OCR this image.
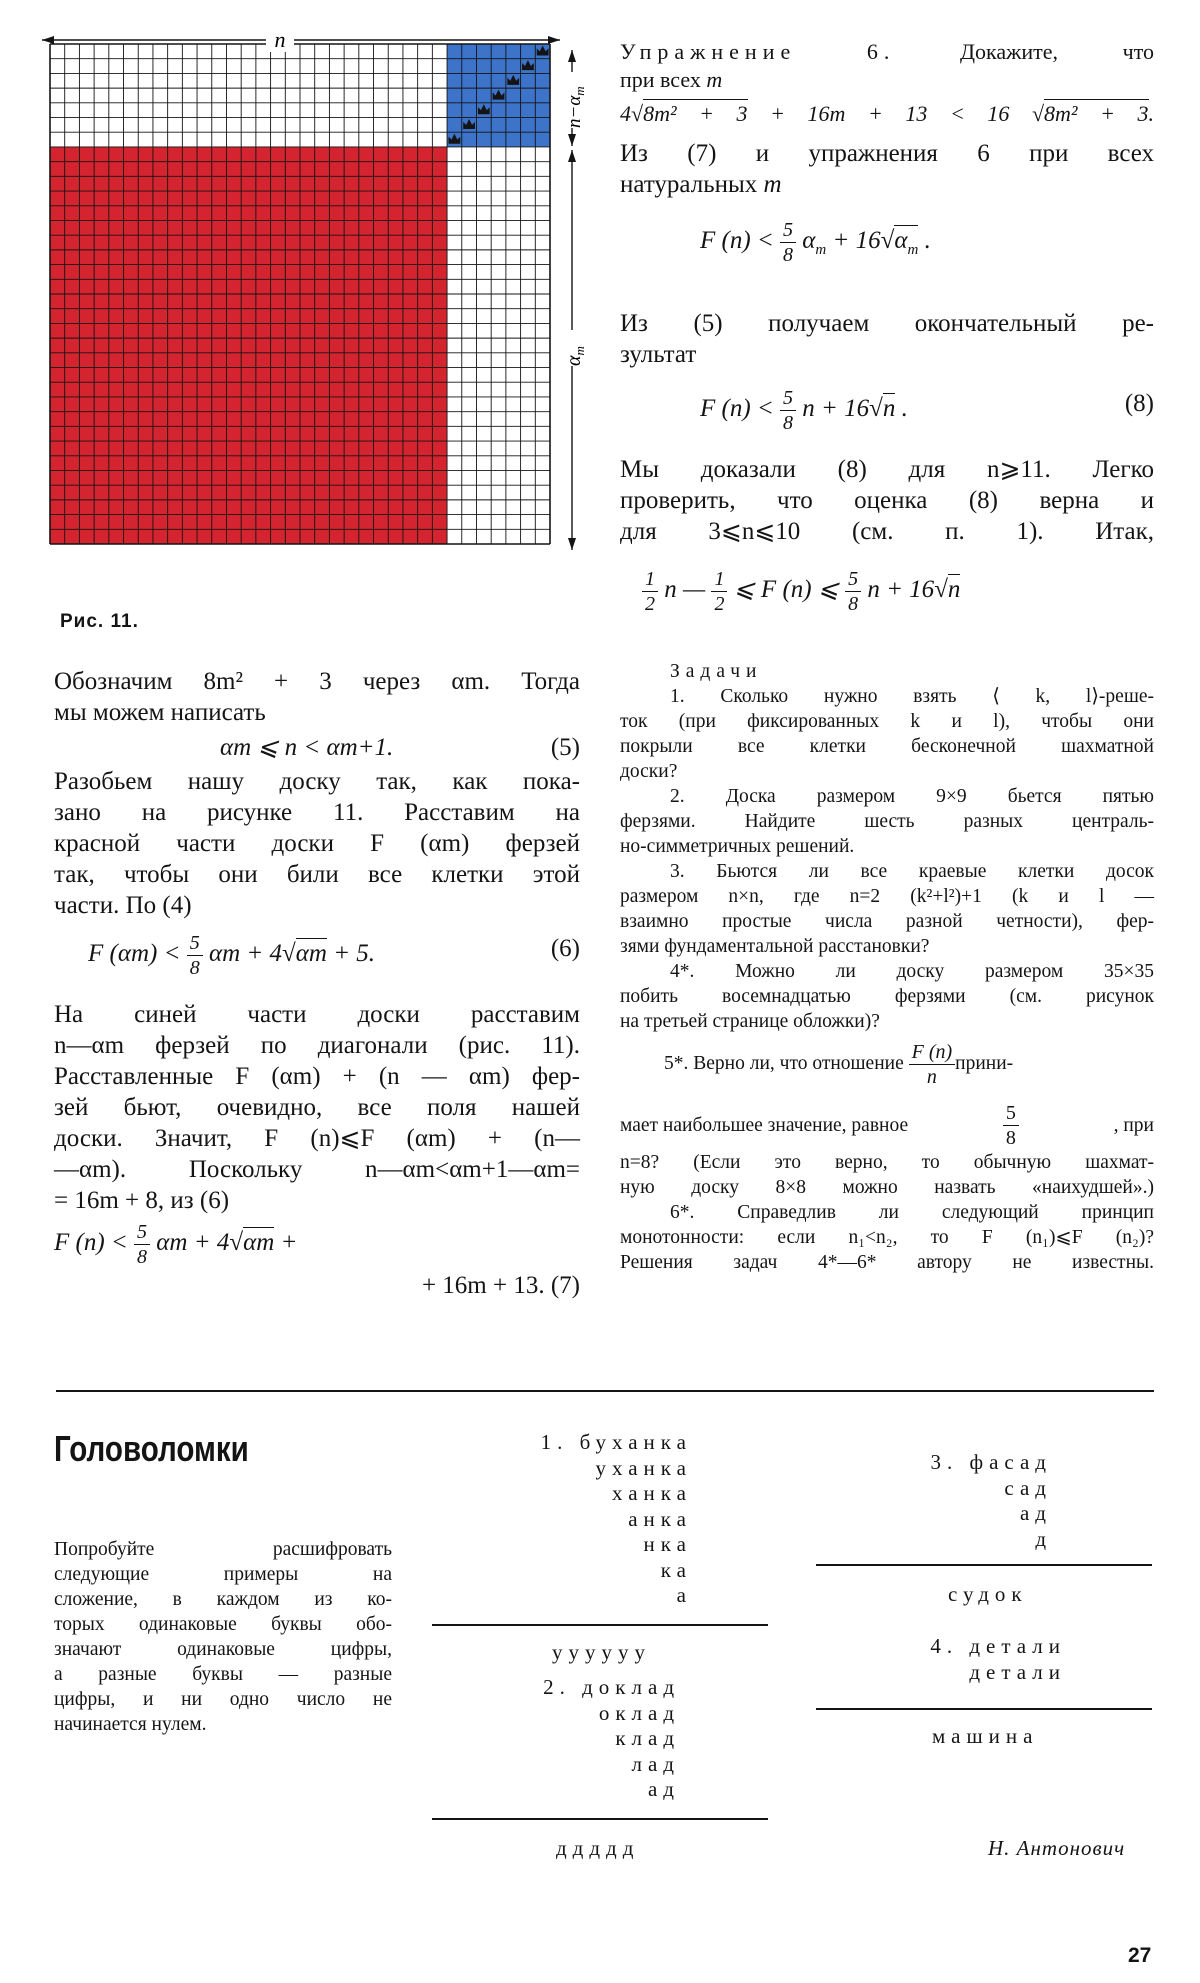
n
$n-\alpha_m$
$\alpha_m$
Рис. 11.
Обозначим 8m² + 3 через αm. Тогда
мы можем написать
αm ⩽ n < αm+1.	(5)
Разобьем нашу доску так, как пока-
зано на рисунке 11. Расставим на
красной части доски F (αm) ферзей
так, чтобы они били все клетки этой
части. По (4)
F $(\alpha m) < \frac{5}{8}$ αm + 4√αm + 5.	(6)
На синей части доски расставим
n—αm ферзей по диагонали (рис. 11).
Расставленные F (αm) + (n — αm) фер-
зей бьют, очевидно, все поля нашей
доски. Значит, F (n)⩽F (αm) + (n—
—αm). Поскольку n—αm<αm+1—αm=
= 16m + 8, из (6)
F $(n) < \frac{5}{8}$ αm + 4√αm +
+ 16m + 13. (7)
Упражнение 6.	Докажите, что
при всех m
4√8m² + 3 + 16m + 13 < 16 √8m² + 3.
Из (7) и упражнения 6 при всех
натуральных m
F $(n) < \frac{5}{8} \alpha_m + 16√\alpha_m$ .
Из (5) получаем окончательный ре-
зультат
F $(n) < \frac{5}{8}$ n + 16√n .	(8)
Мы доказали (8) для n⩾11. Легко
проверить, что оценка (8) верна и
для 3⩽n⩽10 (см. п. 1). Итак,
$\frac{1}{2}$ n — $\frac{1}{2}$ ⩽ F (n) ⩽ $\frac{5}{8}$ n + 16√n
Задачи
1. Сколько нужно взять ⟨ k, l⟩-реше-
ток (при фиксированных k и l), чтобы они
покрыли все клетки бесконечной шахматной
доски?
2. Доска размером 9×9 бьется пятью
ферзями. Найдите шесть разных централь-
но-симметричных решений.
3. Бьются ли все краевые клетки досок
размером n×n, где n=2 (k²+l²)+1 (k и l —
взаимно простые числа разной четности), фер-
зями фундаментальной расстановки?
4*. Можно ли доску размером 35×35
побить восемнадцатью ферзями (см. рисунок
на третьей странице обложки)?
5*. Верно ли, что отношение $\frac{F (n)}{n}$ прини-
мает наибольшее значение, равное	$\frac{5}{8}$	, при
n=8? (Если это верно, то обычную шахмат-
ную доску 8×8 можно назвать «наихудшей».)
6*. Справедлив ли следующий принцип
монотонности: если n₁<n₂, то F (n₁)⩽F (n₂)?
Решения задач 4*—6* автору не известны.
Головоломки
Попробуйте расшифровать
следующие примеры на
сложение, в каждом из ко-
торых одинаковые буквы обо-
значают одинаковые цифры,
а разные буквы — разные
цифры, и ни одно число не
начинается нулем.
1. буханка
уханка
ханка
анка
нка
ка
а
уууууу
2. доклад
оклад
клад
лад
ад
ддддд
3. фасад
сад
ад
д
судок
4. детали
детали
машина
Н. Антонович
27
